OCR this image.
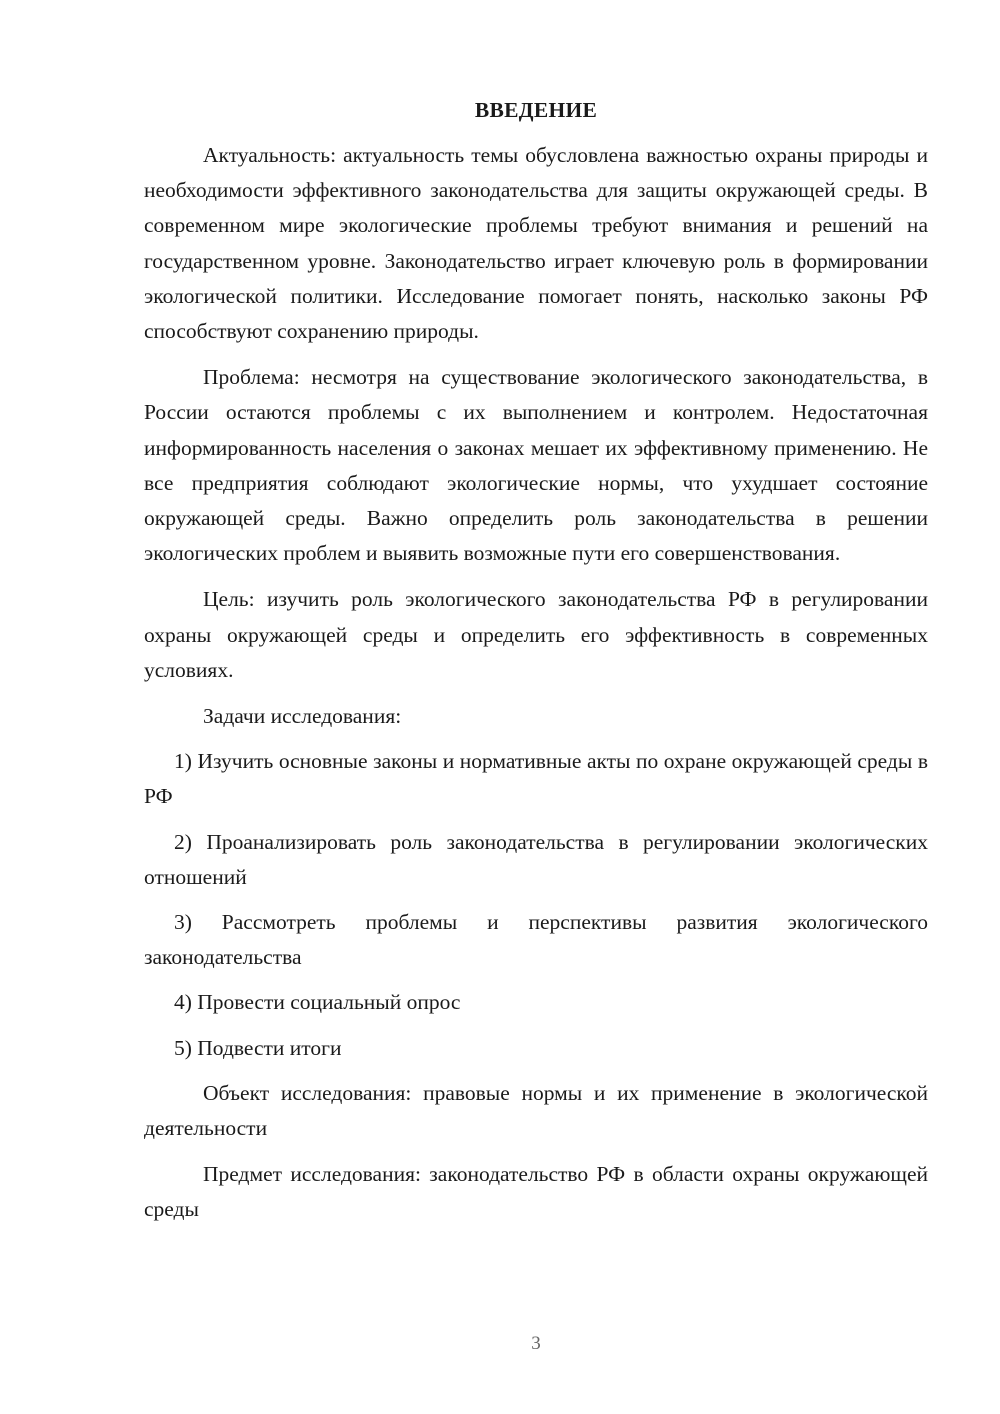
ВВЕДЕНИЕ

Актуальность: актуальность темы обусловлена важностью охраны природы и необходимости эффективного законодательства для защиты окружающей среды. В современном мире экологические проблемы требуют внимания и решений на государственном уровне. Законодательство играет ключевую роль в формировании экологической политики. Исследование помогает понять, насколько законы РФ способствуют сохранению природы.

Проблема: несмотря на существование экологического законодательства, в России остаются проблемы с их выполнением и контролем. Недостаточная информированность населения о законах мешает их эффективному применению. Не все предприятия соблюдают экологические нормы, что ухудшает состояние окружающей среды. Важно определить роль законодательства в решении экологических проблем и выявить возможные пути его совершенствования.

Цель: изучить роль экологического законодательства РФ в регулировании охраны окружающей среды и определить его эффективность в современных условиях.

Задачи исследования:

1) Изучить основные законы и нормативные акты по охране окружающей среды в РФ

2) Проанализировать роль законодательства в регулировании экологических отношений

3) Рассмотреть проблемы и перспективы развития экологического законодательства

4) Провести социальный опрос

5) Подвести итоги

Объект исследования: правовые нормы и их применение в экологической деятельности

Предмет исследования: законодательство РФ в области охраны окружающей среды

3
